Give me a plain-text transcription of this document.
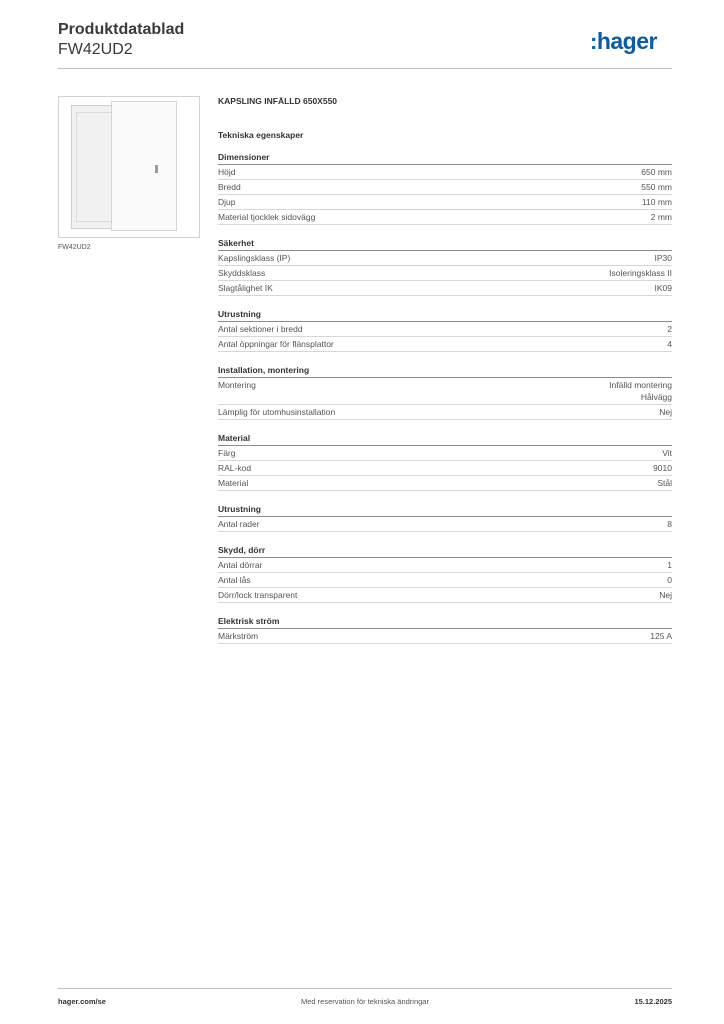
Produktdatablad
FW42UD2	:hager
FW42UD2
KAPSLING INFÄLLD 650X550
Tekniska egenskaper
Dimensioner
Höjd	650 mm
Bredd	550 mm
Djup	110 mm
Material tjocklek sidovägg	2 mm
Säkerhet
Kapslingsklass (IP)	IP30
Skyddsklass	Isoleringsklass II
Slagtålighet IK	IK09
Utrustning
Antal sektioner i bredd	2
Antal öppningar för flänsplattor	4
Installation, montering
Montering	Infälld montering
Hålvägg
Lämplig för utomhusinstallation	Nej
Material
Färg	Vit
RAL-kod	9010
Material	Stål
Utrustning
Antal rader	8
Skydd, dörr
Antal dörrar	1
Antal lås	0
Dörr/lock transparent	Nej
Elektrisk ström
Märkström	125 A
hager.com/se	Med reservation för tekniska ändringar	15.12.2025
